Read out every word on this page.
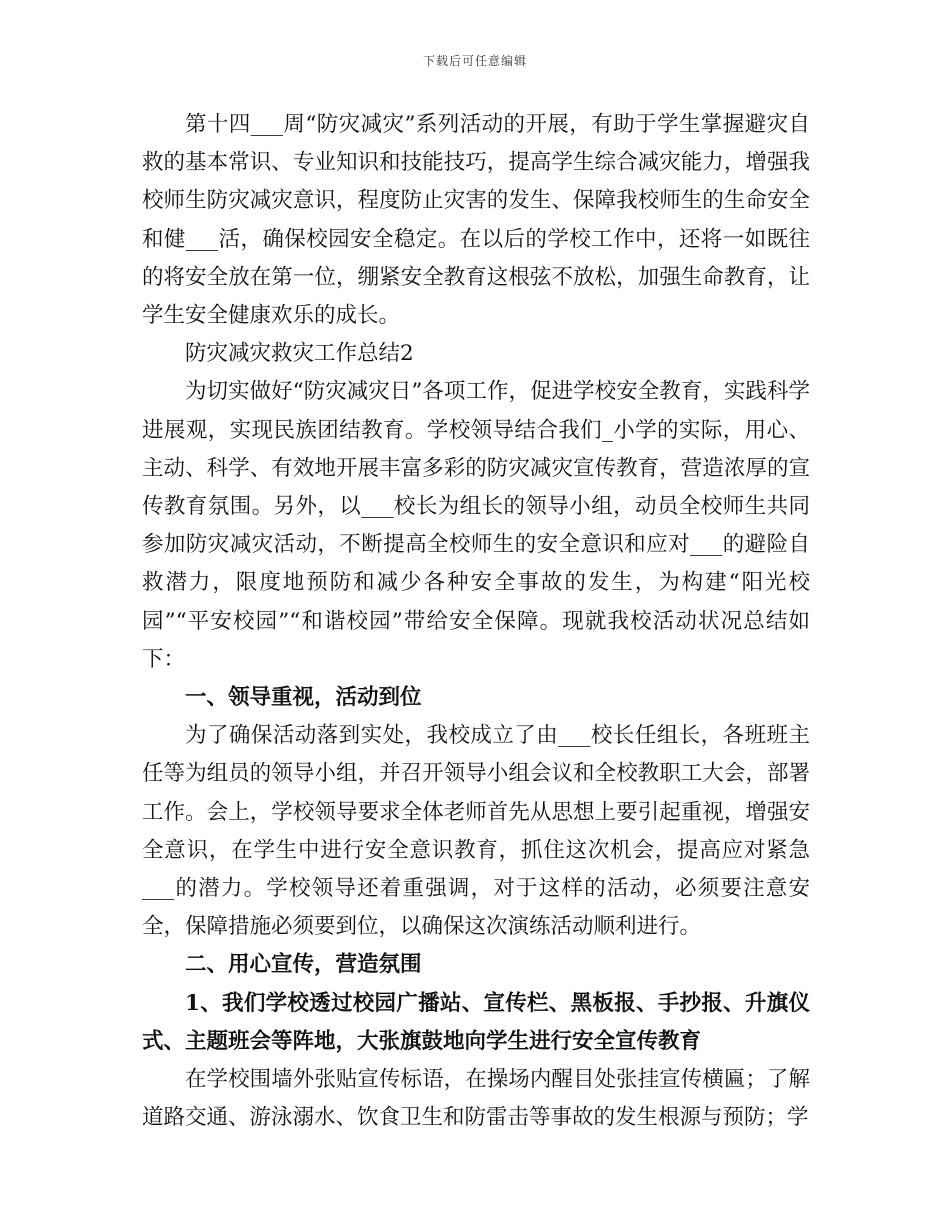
下载后可任意编辑

第十四___周“防灾减灾”系列活动的开展，有助于学生掌握避灾自救的基本常识、专业知识和技能技巧，提高学生综合减灾能力，增强我校师生防灾减灾意识，程度防止灾害的发生、保障我校师生的生命安全和健___活，确保校园安全稳定。在以后的学校工作中，还将一如既往的将安全放在第一位，绷紧安全教育这根弦不放松，加强生命教育，让学生安全健康欢乐的成长。

防灾减灾救灾工作总结2

为切实做好“防灾减灾日”各项工作，促进学校安全教育，实践科学进展观，实现民族团结教育。学校领导结合我们_小学的实际，用心、主动、科学、有效地开展丰富多彩的防灾减灾宣传教育，营造浓厚的宣传教育氛围。另外，以___校长为组长的领导小组，动员全校师生共同参加防灾减灾活动，不断提高全校师生的安全意识和应对___的避险自救潜力，限度地预防和减少各种安全事故的发生，为构建“阳光校园”“平安校园”“和谐校园”带给安全保障。现就我校活动状况总结如下：

一、领导重视，活动到位

为了确保活动落到实处，我校成立了由___校长任组长，各班班主任等为组员的领导小组，并召开领导小组会议和全校教职工大会，部署工作。会上，学校领导要求全体老师首先从思想上要引起重视，增强安全意识，在学生中进行安全意识教育，抓住这次机会，提高应对紧急___的潜力。学校领导还着重强调，对于这样的活动，必须要注意安全，保障措施必须要到位，以确保这次演练活动顺利进行。

二、用心宣传，营造氛围

1、我们学校透过校园广播站、宣传栏、黑板报、手抄报、升旗仪式、主题班会等阵地，大张旗鼓地向学生进行安全宣传教育

在学校围墙外张贴宣传标语，在操场内醒目处张挂宣传横匾；了解道路交通、游泳溺水、饮食卫生和防雷击等事故的发生根源与预防；学
